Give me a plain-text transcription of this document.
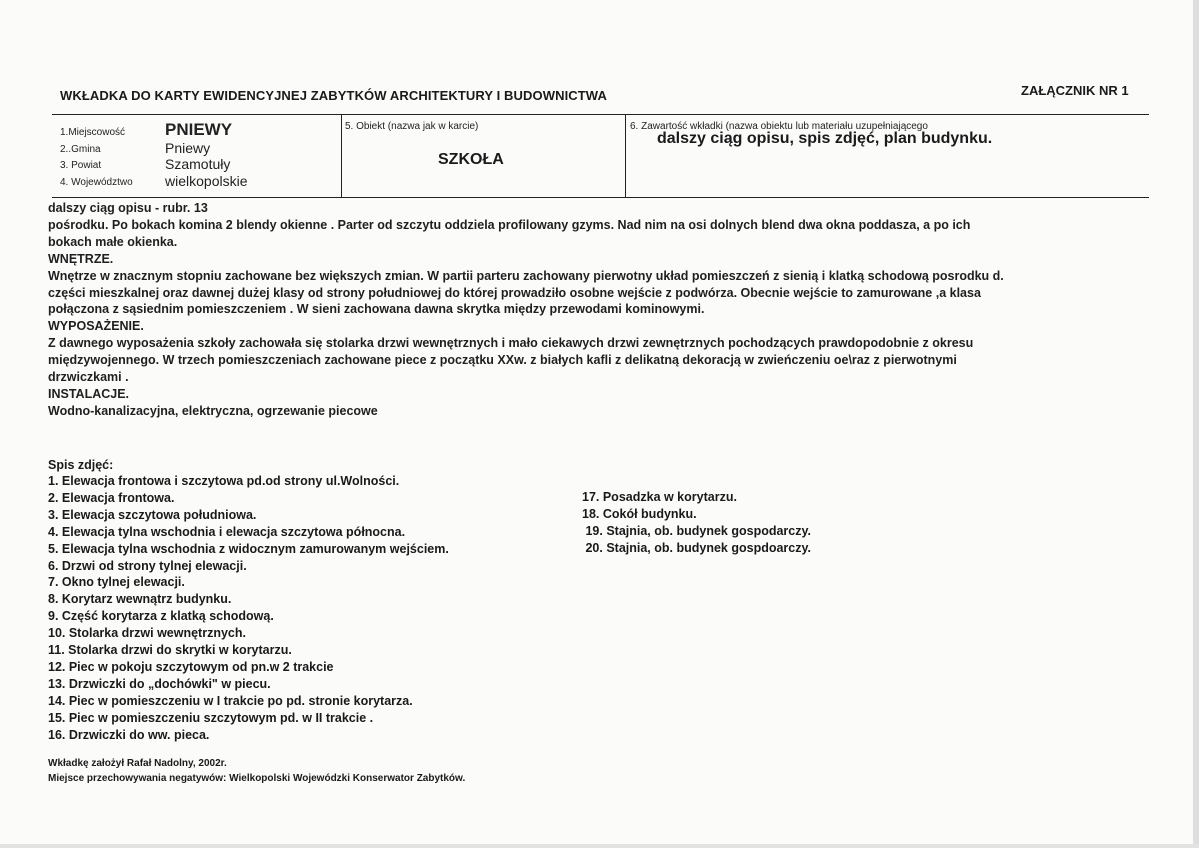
WKŁADKA DO KARTY EWIDENCYJNEJ ZABYTKÓW ARCHITEKTURY I BUDOWNICTWA	ZAŁĄCZNIK NR 1
1.Miejscowość PNIEWY
2..Gmina	Pniewy
3. Powiat	Szamotuły
4. Województwo wielkopolskie
5. Obiekt (nazwa jak w karcie)
SZKOŁA
6. Zawartość wkładki (nazwa obiektu lub materiału uzupełniającego
dalszy ciąg opisu, spis zdjęć, plan budynku.
dalszy ciąg opisu - rubr. 13
pośrodku. Po bokach komina 2 blendy okienne . Parter od szczytu oddziela profilowany gzyms. Nad nim na osi dolnych blend dwa okna poddasza, a po ich
bokach małe okienka.
WNĘTRZE.
Wnętrze w znacznym stopniu zachowane bez większych zmian. W partii parteru zachowany pierwotny układ pomieszczeń z sienią i klatką schodową posrodku d.
części mieszkalnej oraz dawnej dużej klasy od strony południowej do której prowadziło osobne wejście z podwórza. Obecnie wejście to zamurowane ,a klasa
połączona z sąsiednim pomieszczeniem . W sieni zachowana dawna skrytka między przewodami kominowymi.
WYPOSAŻENIE.
Z dawnego wyposażenia szkoły zachowała się stolarka drzwi wewnętrznych i mało ciekawych drzwi zewnętrznych pochodzących prawdopodobnie z okresu
międzywojennego. W trzech pomieszczeniach zachowane piece z początku XXw. z białych kafli z delikatną dekoracją w zwieńczeniu oe\raz z pierwotnymi
drzwiczkami .
INSTALACJE.
Wodno-kanalizacyjna, elektryczna, ogrzewanie piecowe
Spis zdjęć:
1. Elewacja frontowa i szczytowa pd.od strony ul.Wolności.
2. Elewacja frontowa.
3. Elewacja szczytowa południowa.
4. Elewacja tylna wschodnia i elewacja szczytowa północna.
5. Elewacja tylna wschodnia z widocznym zamurowanym wejściem.
6. Drzwi od strony tylnej elewacji.
7. Okno tylnej elewacji.
8. Korytarz wewnątrz budynku.
9. Część korytarza z klatką schodową.
10. Stolarka drzwi wewnętrznych.
11. Stolarka drzwi do skrytki w korytarzu.
12. Piec w pokoju szczytowym od pn.w 2 trakcie
13. Drzwiczki do „dochówki" w piecu.
14. Piec w pomieszczeniu w I trakcie po pd. stronie korytarza.
15. Piec w pomieszczeniu szczytowym pd. w II trakcie .
16. Drzwiczki do ww. pieca.
17. Posadzka w korytarzu.
18. Cokół budynku.
19. Stajnia, ob. budynek gospodarczy.
20. Stajnia, ob. budynek gospdoarczy.
Wkładkę założył Rafał Nadolny, 2002r.
Miejsce przechowywania negatywów: Wielkopolski Wojewódzki Konserwator Zabytków.
